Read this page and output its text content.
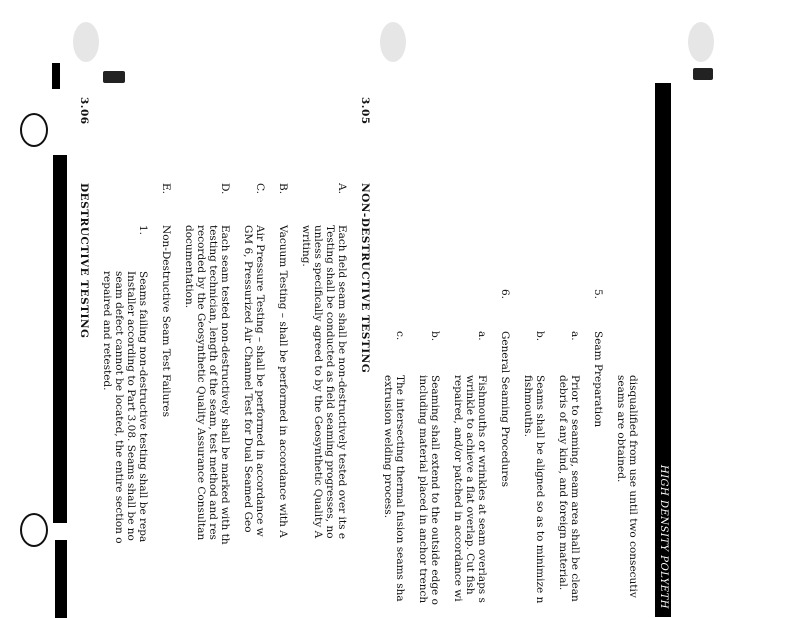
HIGH DENSITY POLYETH
disqualified from use until two consecutiv
seams are obtained.
5.
Seam Preparation
a.
Prior to seaming, seam area shall be clean
debris of any kind, and foreign material.
b.
Seams shall be aligned so as to minimize n
fishmouths.
6.
General Seaming Procedures
a.
Fishmouths or wrinkles at seam overlaps s
wrinkle to achieve a flat overlap. Cut fish
repaired, and/or patched in accordance wi
b.
Seaming shall extend to the outside edge o
including material placed in anchor trench
c.
The intersecting thermal fusion seams sha
extrusion welding process.
3.05
NON-DESTRUCTIVE TESTING
A.
Each field seam shall be non-destructively tested over its e
Testing shall be conducted as field seaming progresses, no
unless specifically agreed to by the Geosynthetic Quality A
writing.
B.
Vacuum Testing – shall be performed in accordance with A
C.
Air Pressure Testing – shall be performed in accordance w
GM 6, Pressurized Air Channel Test for Dual Seamed Geo
D.
Each seam tested non-destructively shall be marked with th
testing technician, length of the seam, test method and res
recorded by the Geosynthetic Quality Assurance Consultan
documentation.
E.
Non-Destructive Seam Test Failures
1.
Seams failing non-destructive testing shall be repa
Installer according to Part 3.08. Seams shall be no
seam defect cannot be located, the entire section o
repaired and retested.
3.06
DESTRUCTIVE TESTING
